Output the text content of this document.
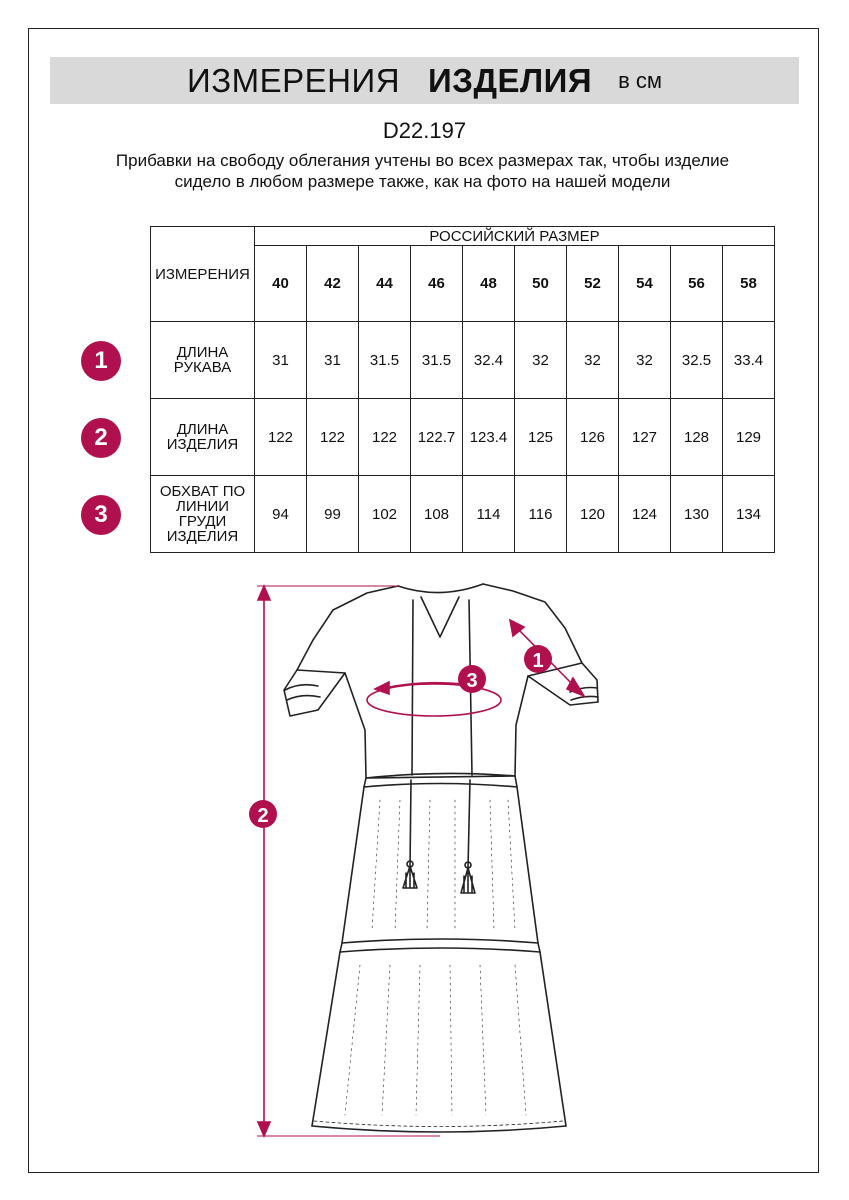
ИЗМЕРЕНИЯ ИЗДЕЛИЯ в см
D22.197
Прибавки на свободу облегания учтены во всех размерах так, чтобы изделие сидело в любом размере также, как на фото на нашей модели
ИЗМЕРЕНИЯ	РОССИЙСКИЙ РАЗМЕР									
	40	42	44	46	48	50	52	54	56	58
ДЛИНА
РУКАВА	31	31	31.5	31.5	32.4	32	32	32	32.5	33.4
ДЛИНА
ИЗДЕЛИЯ	122	122	122	122.7	123.4	125	126	127	128	129
ОБХВАТ ПО
ЛИНИИ
ГРУДИ
ИЗДЕЛИЯ	94	99	102	108	114	116	120	124	130	134
1
2
3
2
3
1
